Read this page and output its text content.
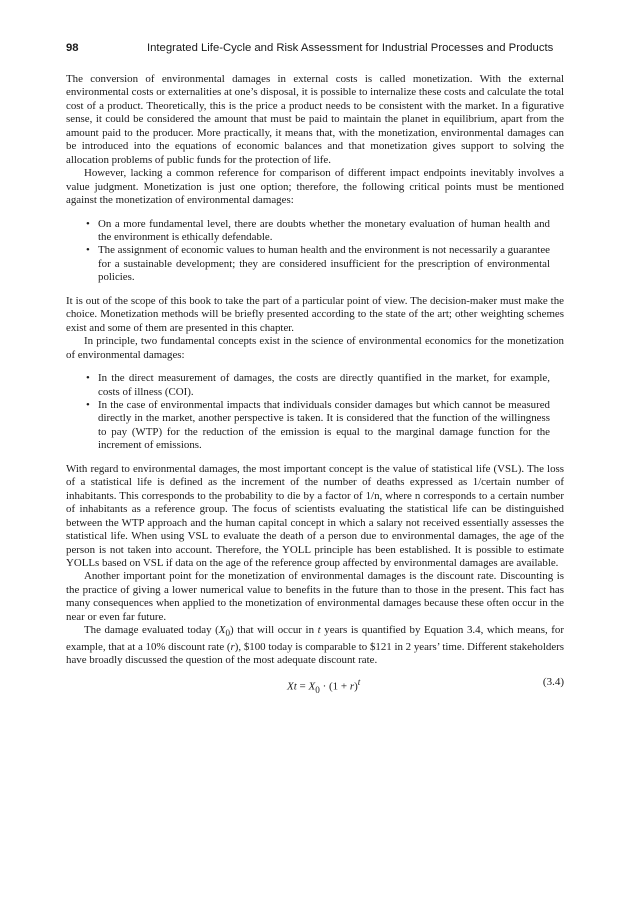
98	Integrated Life-Cycle and Risk Assessment for Industrial Processes and Products

The conversion of environmental damages in external costs is called monetization. With the external environmental costs or externalities at one’s disposal, it is possible to internalize these costs and calculate the total cost of a product. Theoretically, this is the price a product needs to be consistent with the market. In a figurative sense, it could be considered the amount that must be paid to maintain the planet in equilibrium, apart from the amount paid to the producer. More practically, it means that, with the monetization, environmental damages can be introduced into the equations of economic balances and that monetization gives support to solving the allocation problems of public funds for the protection of life.

However, lacking a common reference for comparison of different impact endpoints inevitably involves a value judgment. Monetization is just one option; therefore, the following critical points must be mentioned against the monetization of environmental damages:

• On a more fundamental level, there are doubts whether the monetary evaluation of human health and the environment is ethically defendable.
• The assignment of economic values to human health and the environment is not necessarily a guarantee for a sustainable development; they are considered insufficient for the prescription of environmental policies.

It is out of the scope of this book to take the part of a particular point of view. The decision-maker must make the choice. Monetization methods will be briefly presented according to the state of the art; other weighting schemes exist and some of them are presented in this chapter.

In principle, two fundamental concepts exist in the science of environmental economics for the monetization of environmental damages:

• In the direct measurement of damages, the costs are directly quantified in the market, for example, costs of illness (COI).
• In the case of environmental impacts that individuals consider damages but which cannot be measured directly in the market, another perspective is taken. It is considered that the function of the willingness to pay (WTP) for the reduction of the emission is equal to the marginal damage function for the increment of emissions.

With regard to environmental damages, the most important concept is the value of statistical life (VSL). The loss of a statistical life is defined as the increment of the number of deaths expressed as 1/certain number of inhabitants. This corresponds to the probability to die by a factor of 1/n, where n corresponds to a certain number of inhabitants as a reference group. The focus of scientists evaluating the statistical life can be distinguished between the WTP approach and the human capital concept in which a salary not received essentially assesses the statistical life. When using VSL to evaluate the death of a person due to environmental damages, the age of the person is not taken into account. Therefore, the YOLL principle has been established. It is possible to estimate YOLLs based on VSL if data on the age of the reference group affected by environmental damages are available.

Another important point for the monetization of environmental damages is the discount rate. Discounting is the practice of giving a lower numerical value to benefits in the future than to those in the present. This fact has many consequences when applied to the monetization of environmental damages because these often occur in the near or even far future.

The damage evaluated today $(X_0)$ that will occur in t years is quantified by Equation 3.4, which means, for example, that at a 10% discount rate (r), $100 today is comparable to $121 in 2 years’ time. Different stakeholders have broadly discussed the question of the most adequate discount rate.

$Xt = X_0 \cdot (1 + r)^t$	(3.4)
